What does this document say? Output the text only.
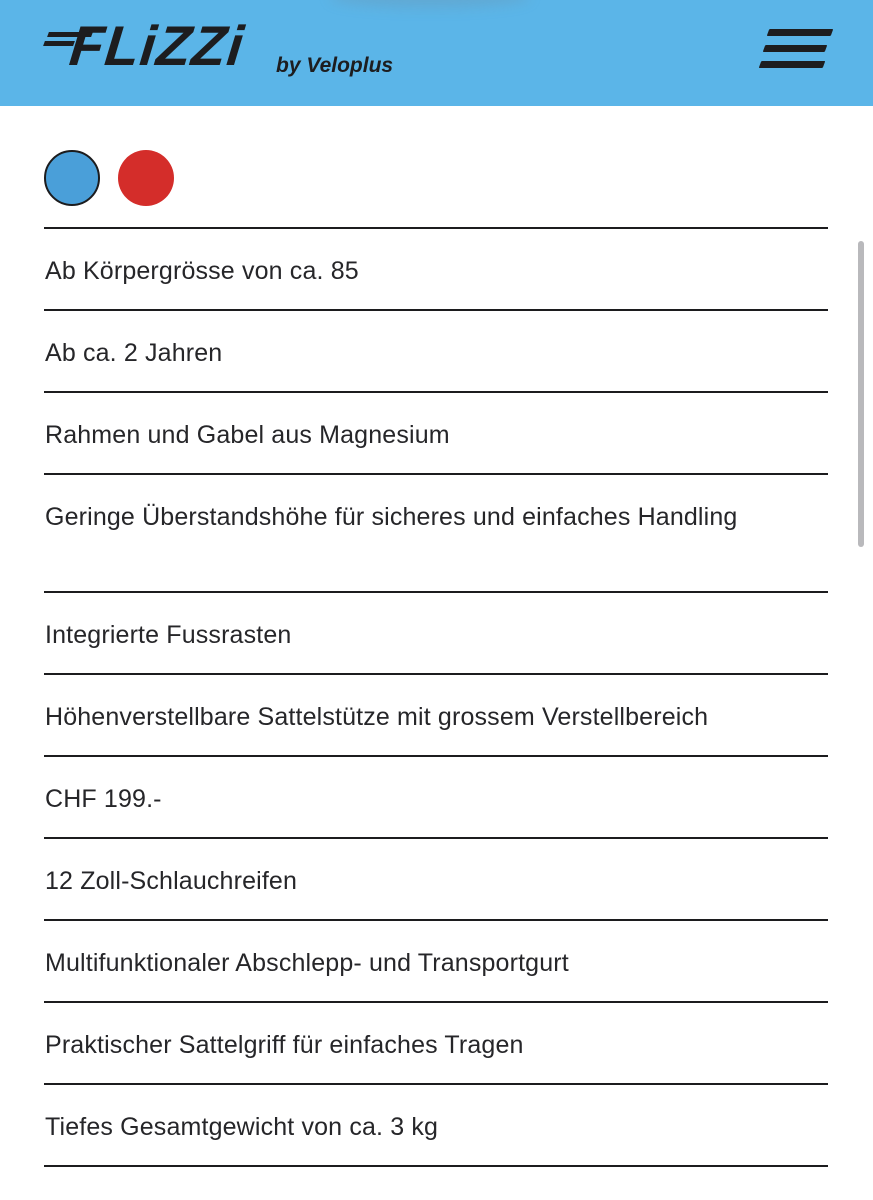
FLiZZi by Veloplus
Ab Körpergrösse von ca. 85
Ab ca. 2 Jahren
Rahmen und Gabel aus Magnesium
Geringe Überstandshöhe für sicheres und einfaches Handling
Integrierte Fussrasten
Höhenverstellbare Sattelstütze mit grossem Verstellbereich
CHF 199.-
12 Zoll-Schlauchreifen
Multifunktionaler Abschlepp- und Transportgurt
Praktischer Sattelgriff für einfaches Tragen
Tiefes Gesamtgewicht von ca. 3 kg
